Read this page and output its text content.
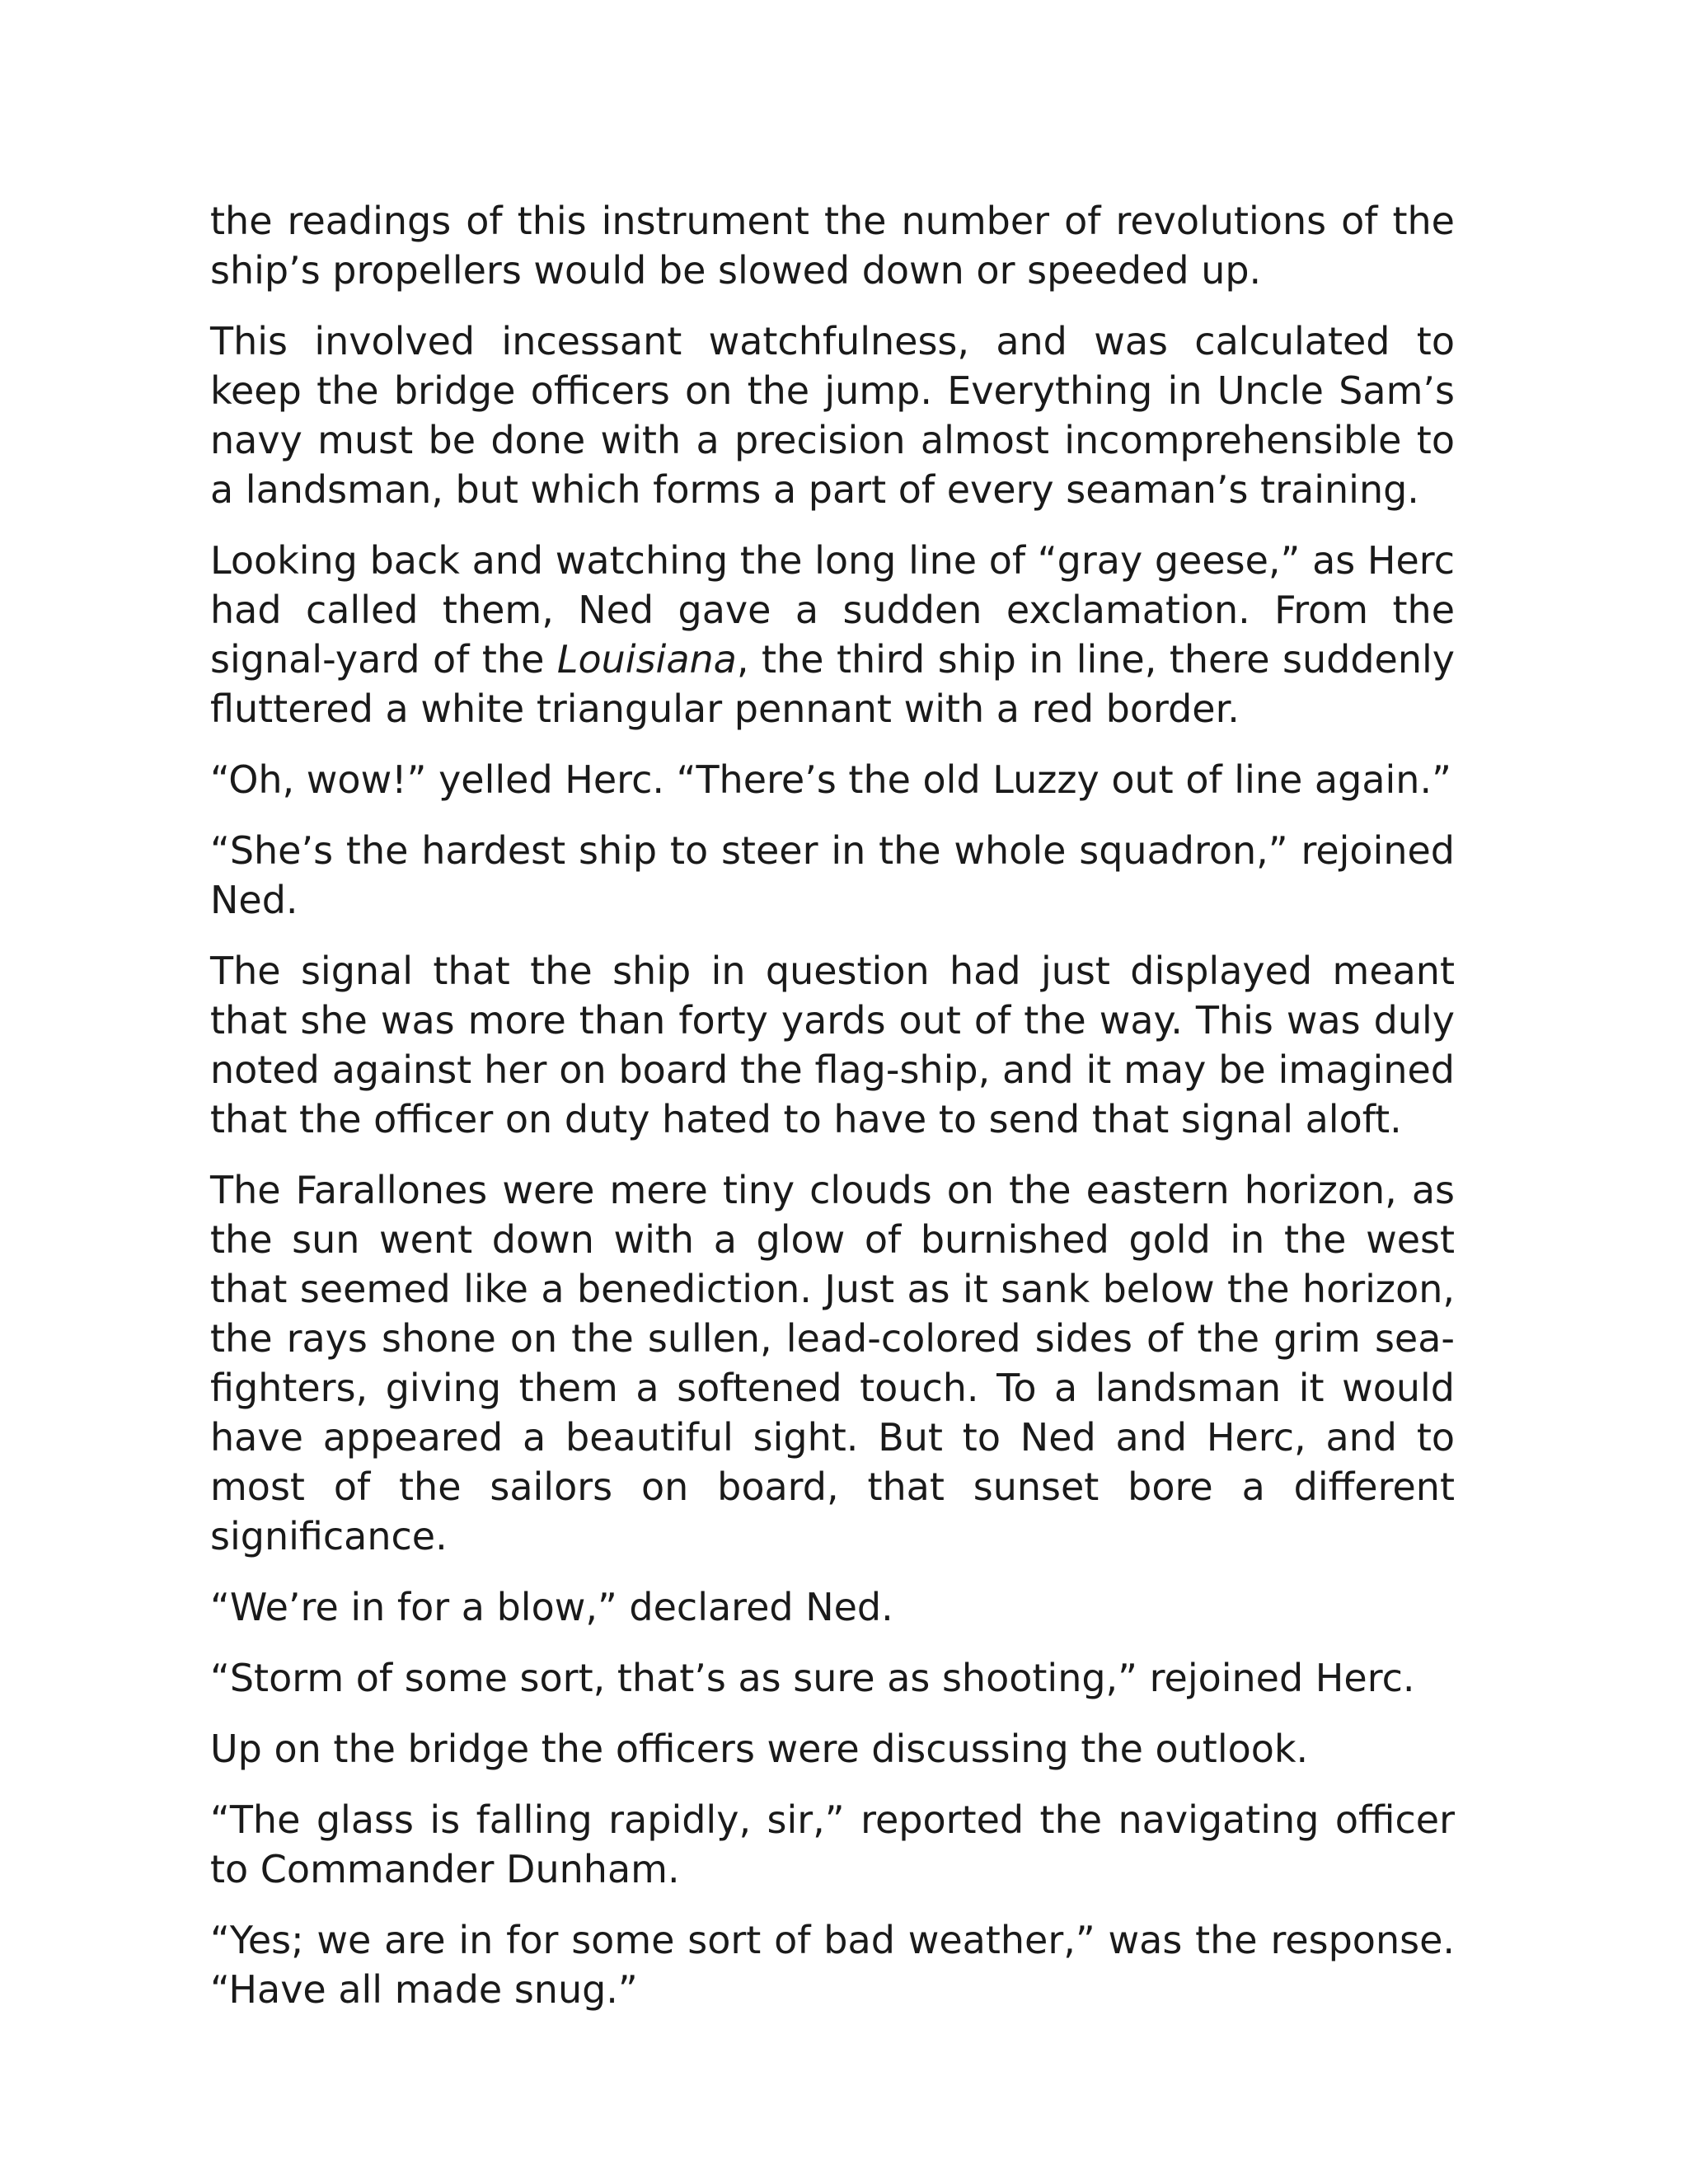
the readings of this instrument the number of revolutions of the ship’s propellers would be slowed down or speeded up.

This involved incessant watchfulness, and was calculated to keep the bridge officers on the jump. Everything in Uncle Sam’s navy must be done with a precision almost incomprehensible to a landsman, but which forms a part of every seaman’s training.

Looking back and watching the long line of “gray geese,” as Herc had called them, Ned gave a sudden exclamation. From the signal-yard of the Louisiana, the third ship in line, there suddenly fluttered a white triangular pennant with a red border.

“Oh, wow!” yelled Herc. “There’s the old Luzzy out of line again.”

“She’s the hardest ship to steer in the whole squadron,” rejoined Ned.

The signal that the ship in question had just displayed meant that she was more than forty yards out of the way. This was duly noted against her on board the flag-ship, and it may be imagined that the officer on duty hated to have to send that signal aloft.

The Farallones were mere tiny clouds on the eastern horizon, as the sun went down with a glow of burnished gold in the west that seemed like a benediction. Just as it sank below the horizon, the rays shone on the sullen, lead-colored sides of the grim sea-fighters, giving them a softened touch. To a landsman it would have appeared a beautiful sight. But to Ned and Herc, and to most of the sailors on board, that sunset bore a different significance.

“We’re in for a blow,” declared Ned.

“Storm of some sort, that’s as sure as shooting,” rejoined Herc.

Up on the bridge the officers were discussing the outlook.

“The glass is falling rapidly, sir,” reported the navigating officer to Commander Dunham.

“Yes; we are in for some sort of bad weather,” was the response. “Have all made snug.”
